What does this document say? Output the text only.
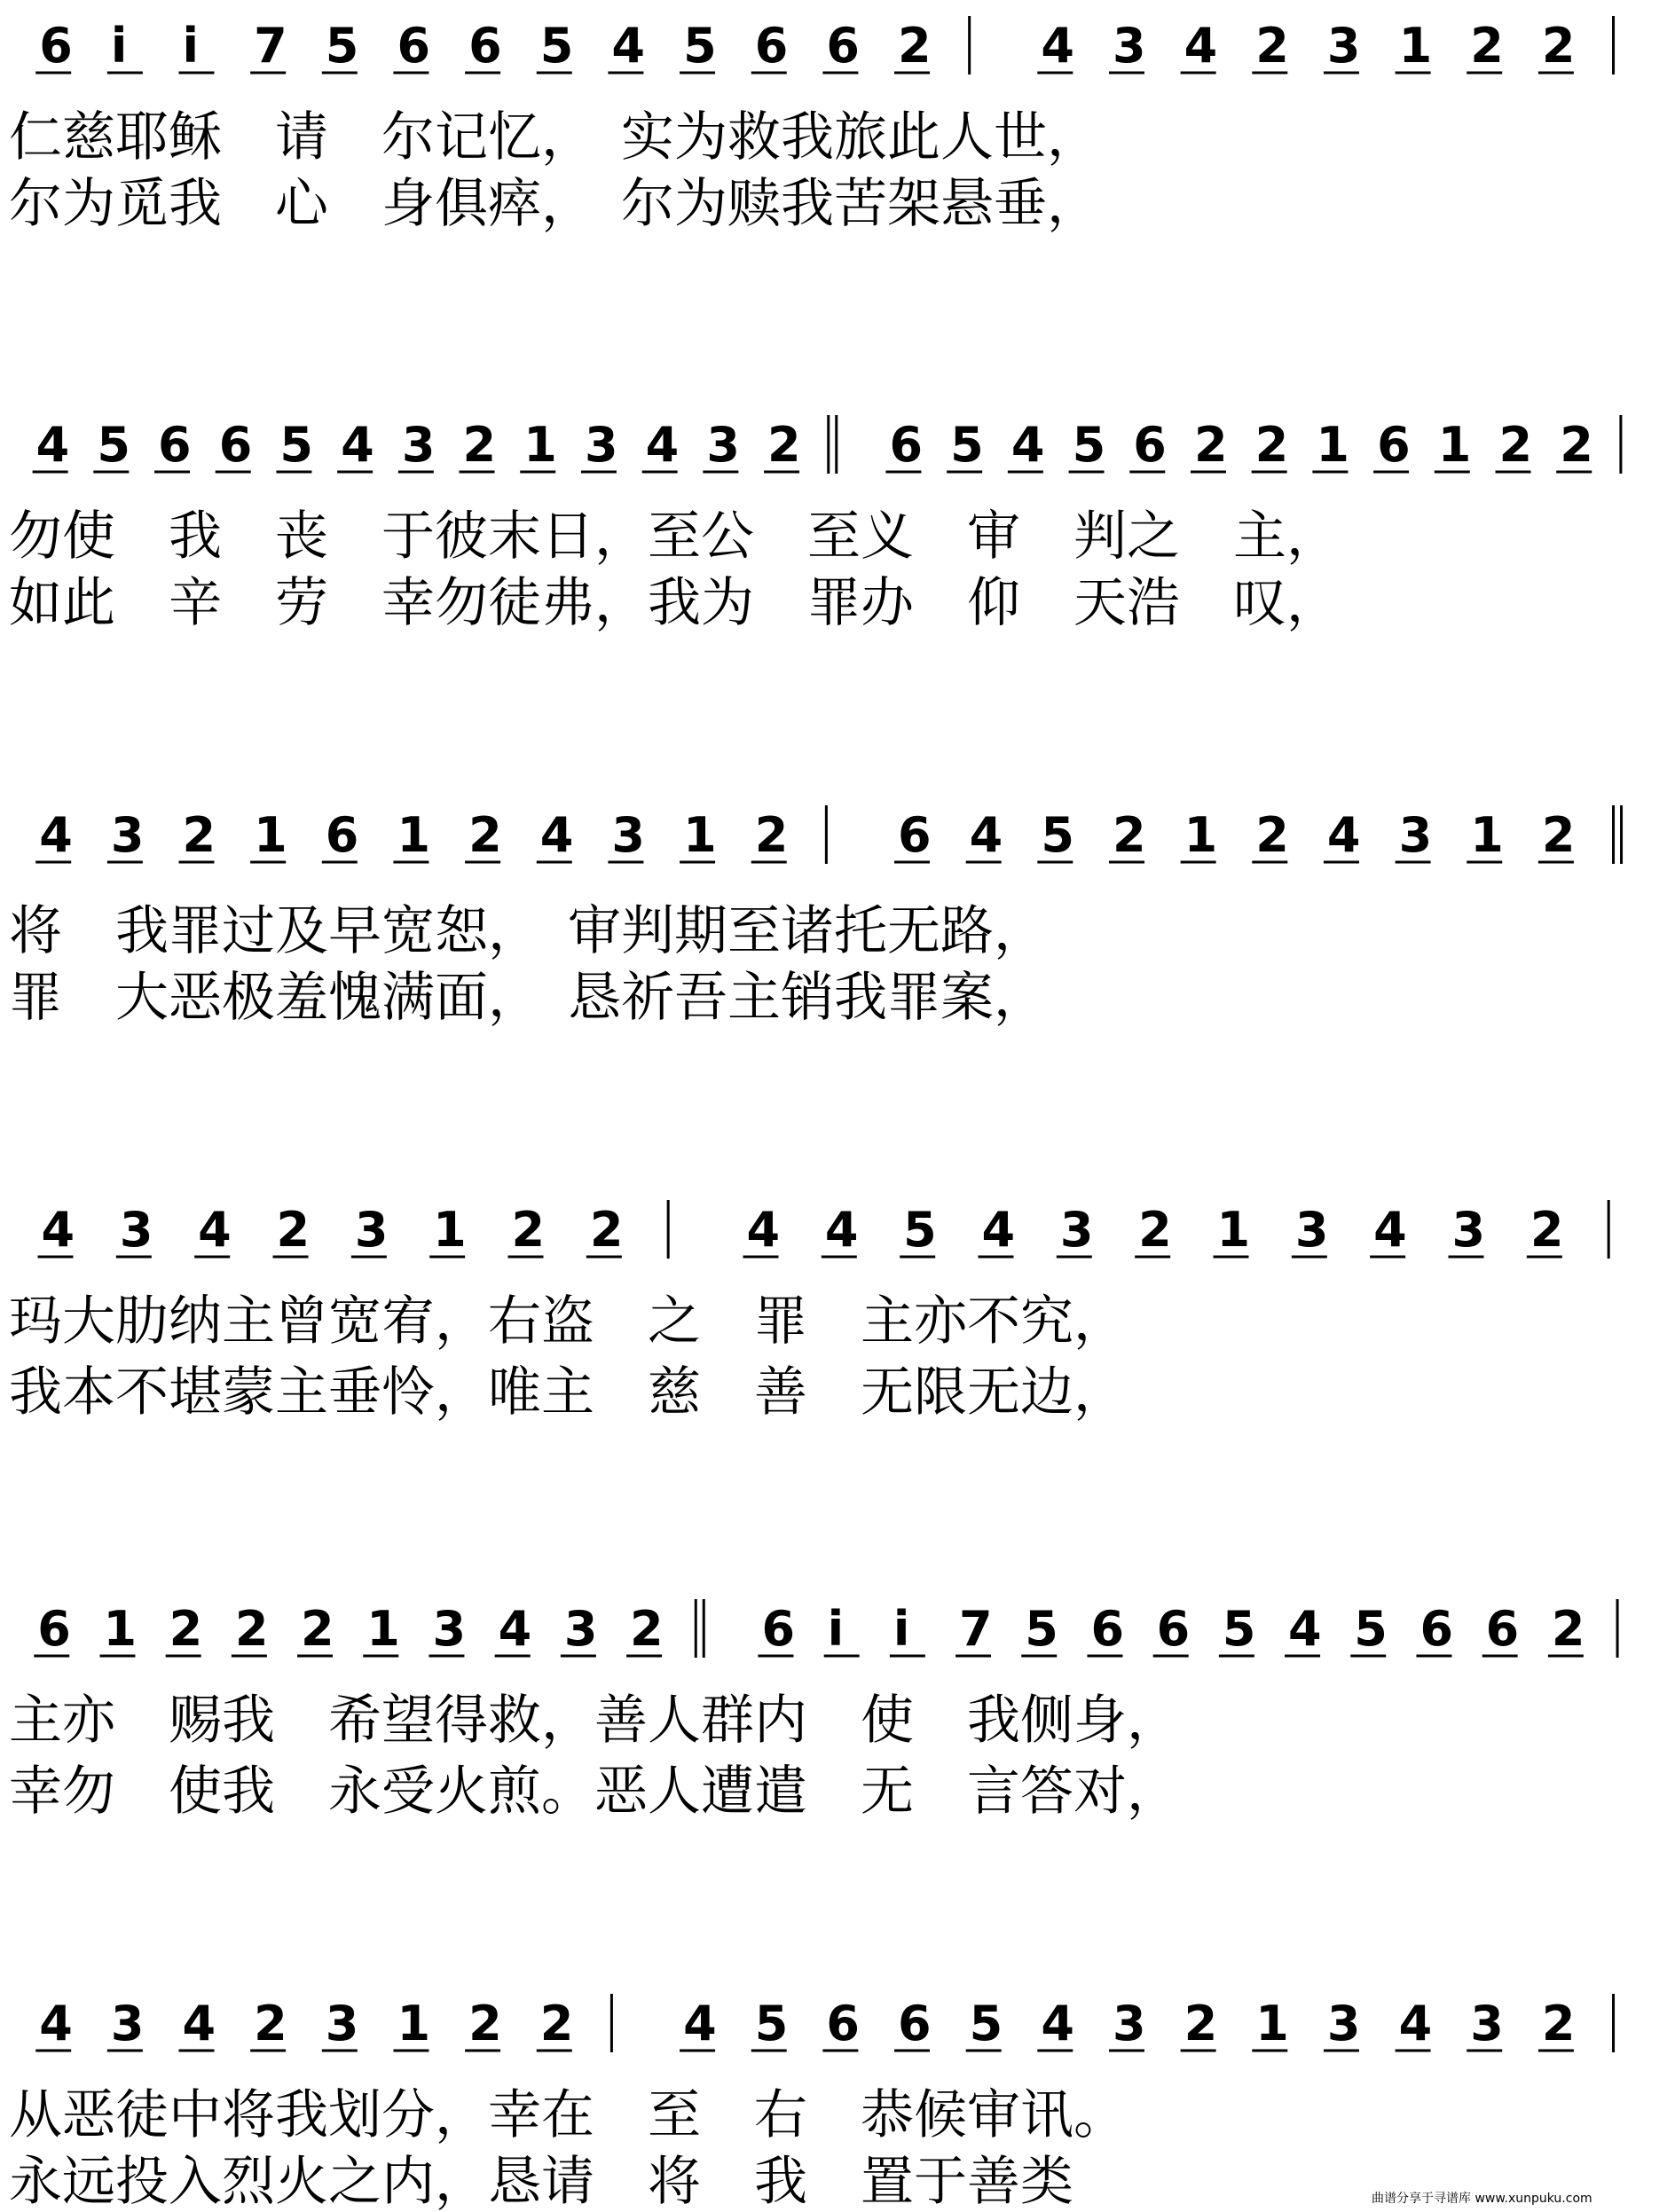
6 i i 7 5 6 6 5 4 5 6 6 2 4 3 4 2 3 1 2 2
仁慈耶稣　请　尔记忆，　实为救我旅此人世，
尔为觅我　心　身俱瘁，　尔为赎我苦架悬垂，
4 5 6 6 5 4 3 2 1 3 4 3 2 6 5 4 5 6 2 2 1 6 1 2 2
勿使　我　丧　于彼末日，至公　至义　审　判之　主，
如此　辛　劳　幸勿徒弗，我为　罪办　仰　天浩　叹，
4 3 2 1 6 1 2 4 3 1 2 6 4 5 2 1 2 4 3 1 2
将　我罪过及早宽恕，　审判期至诸托无路，
罪　大恶极羞愧满面，　恳祈吾主销我罪案，
4 3 4 2 3 1 2 2	4 4 5 4 3 2 1 3 4 3 2
玛大肋纳主曾宽宥，右盗　之　罪　主亦不究，
我本不堪蒙主垂怜，唯主　慈　善　无限无边，
6 1 2 2 2 1 3 4 3 2 6 i i 7 5 6 6 5 4 5 6 6 2
主亦　赐我　希望得救，善人群内　使　我侧身，
幸勿　使我　永受火煎。恶人遭遣　无　言答对，
4 3 4 2 3 1 2 2 4 5 6 6 5 4 3 2 1 3 4 3 2
从恶徒中将我划分，幸在　至　右　恭候审讯。
永远投入烈火之内，恳请　将　我　置于善类	曲谱分享于寻谱库 www.xunpuku.com
